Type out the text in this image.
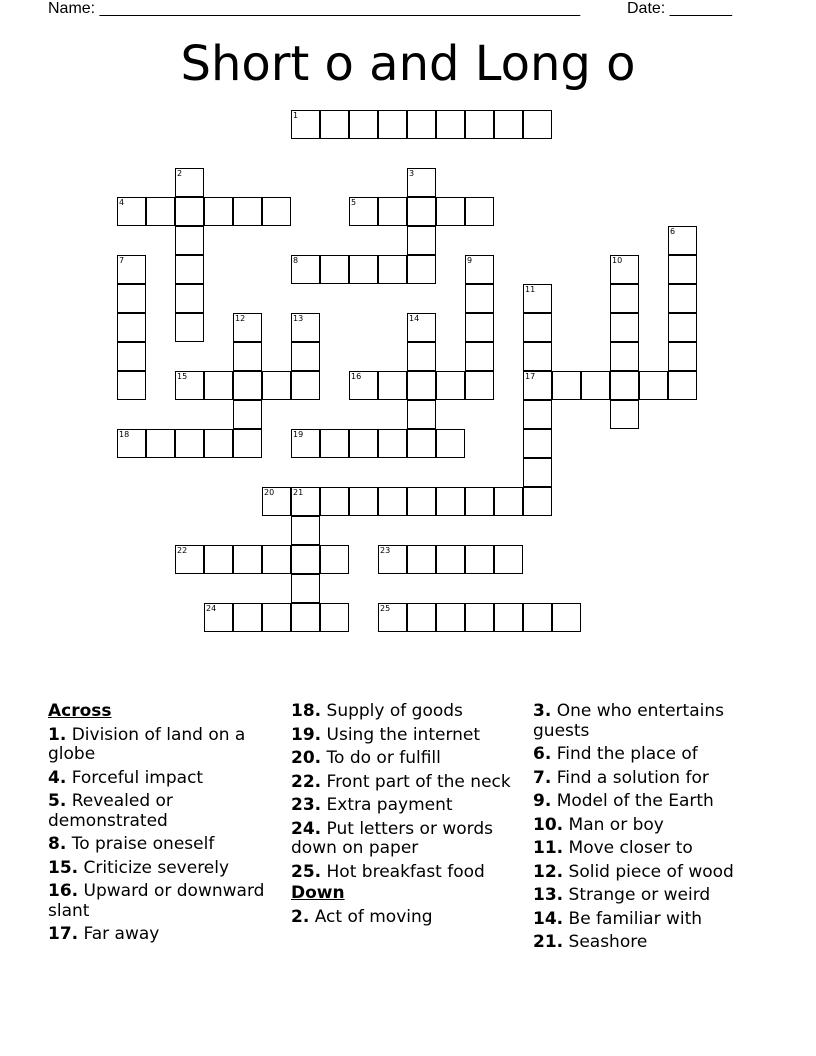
Name: ______________________________________________________	Date: _______
Short o and Long o
1
2	3
4	5
6
7	8	9	10
11
12	13	14
15	16	17
18	19
20 21
22	23
24	25
Across
1. Division of land on a globe
4. Forceful impact
5. Revealed or demonstrated
8. To praise oneself
15. Criticize severely
16. Upward or downward slant
17. Far away
18. Supply of goods
19. Using the internet
20. To do or fulfill
22. Front part of the neck
23. Extra payment
24. Put letters or words down on paper
25. Hot breakfast food
Down
2. Act of moving
3. One who entertains guests
6. Find the place of
7. Find a solution for
9. Model of the Earth
10. Man or boy
11. Move closer to
12. Solid piece of wood
13. Strange or weird
14. Be familiar with
21. Seashore
